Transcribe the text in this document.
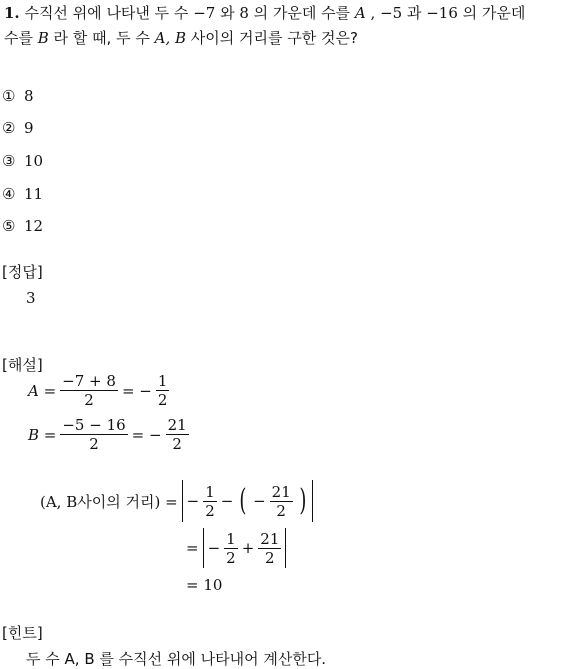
1. 수직선 위에 나타낸 두 수 −7 와 8 의 가운데 수를 A , −5 과 −16 의 가운데
수를 B 라 할 때, 두 수 A, B 사이의 거리를 구한 것은?
① 8
② 9
③ 10
④ 11
⑤ 12
[정답]
3
[해설]
$A = \frac{-7 + 8}{2}$ = − $\frac{1}{2}$
$B = \frac{-5 - 16}{2}$ = − $\frac{21}{2}$
(A, B사이의 거리) = − $\frac{1}{2}$ − ( − $\frac{21}{2}$ )
= − $\frac{1}{2} + \frac{21}{2}$
= 10
[힌트]
두 수 A, B 를 수직선 위에 나타내어 계산한다.
